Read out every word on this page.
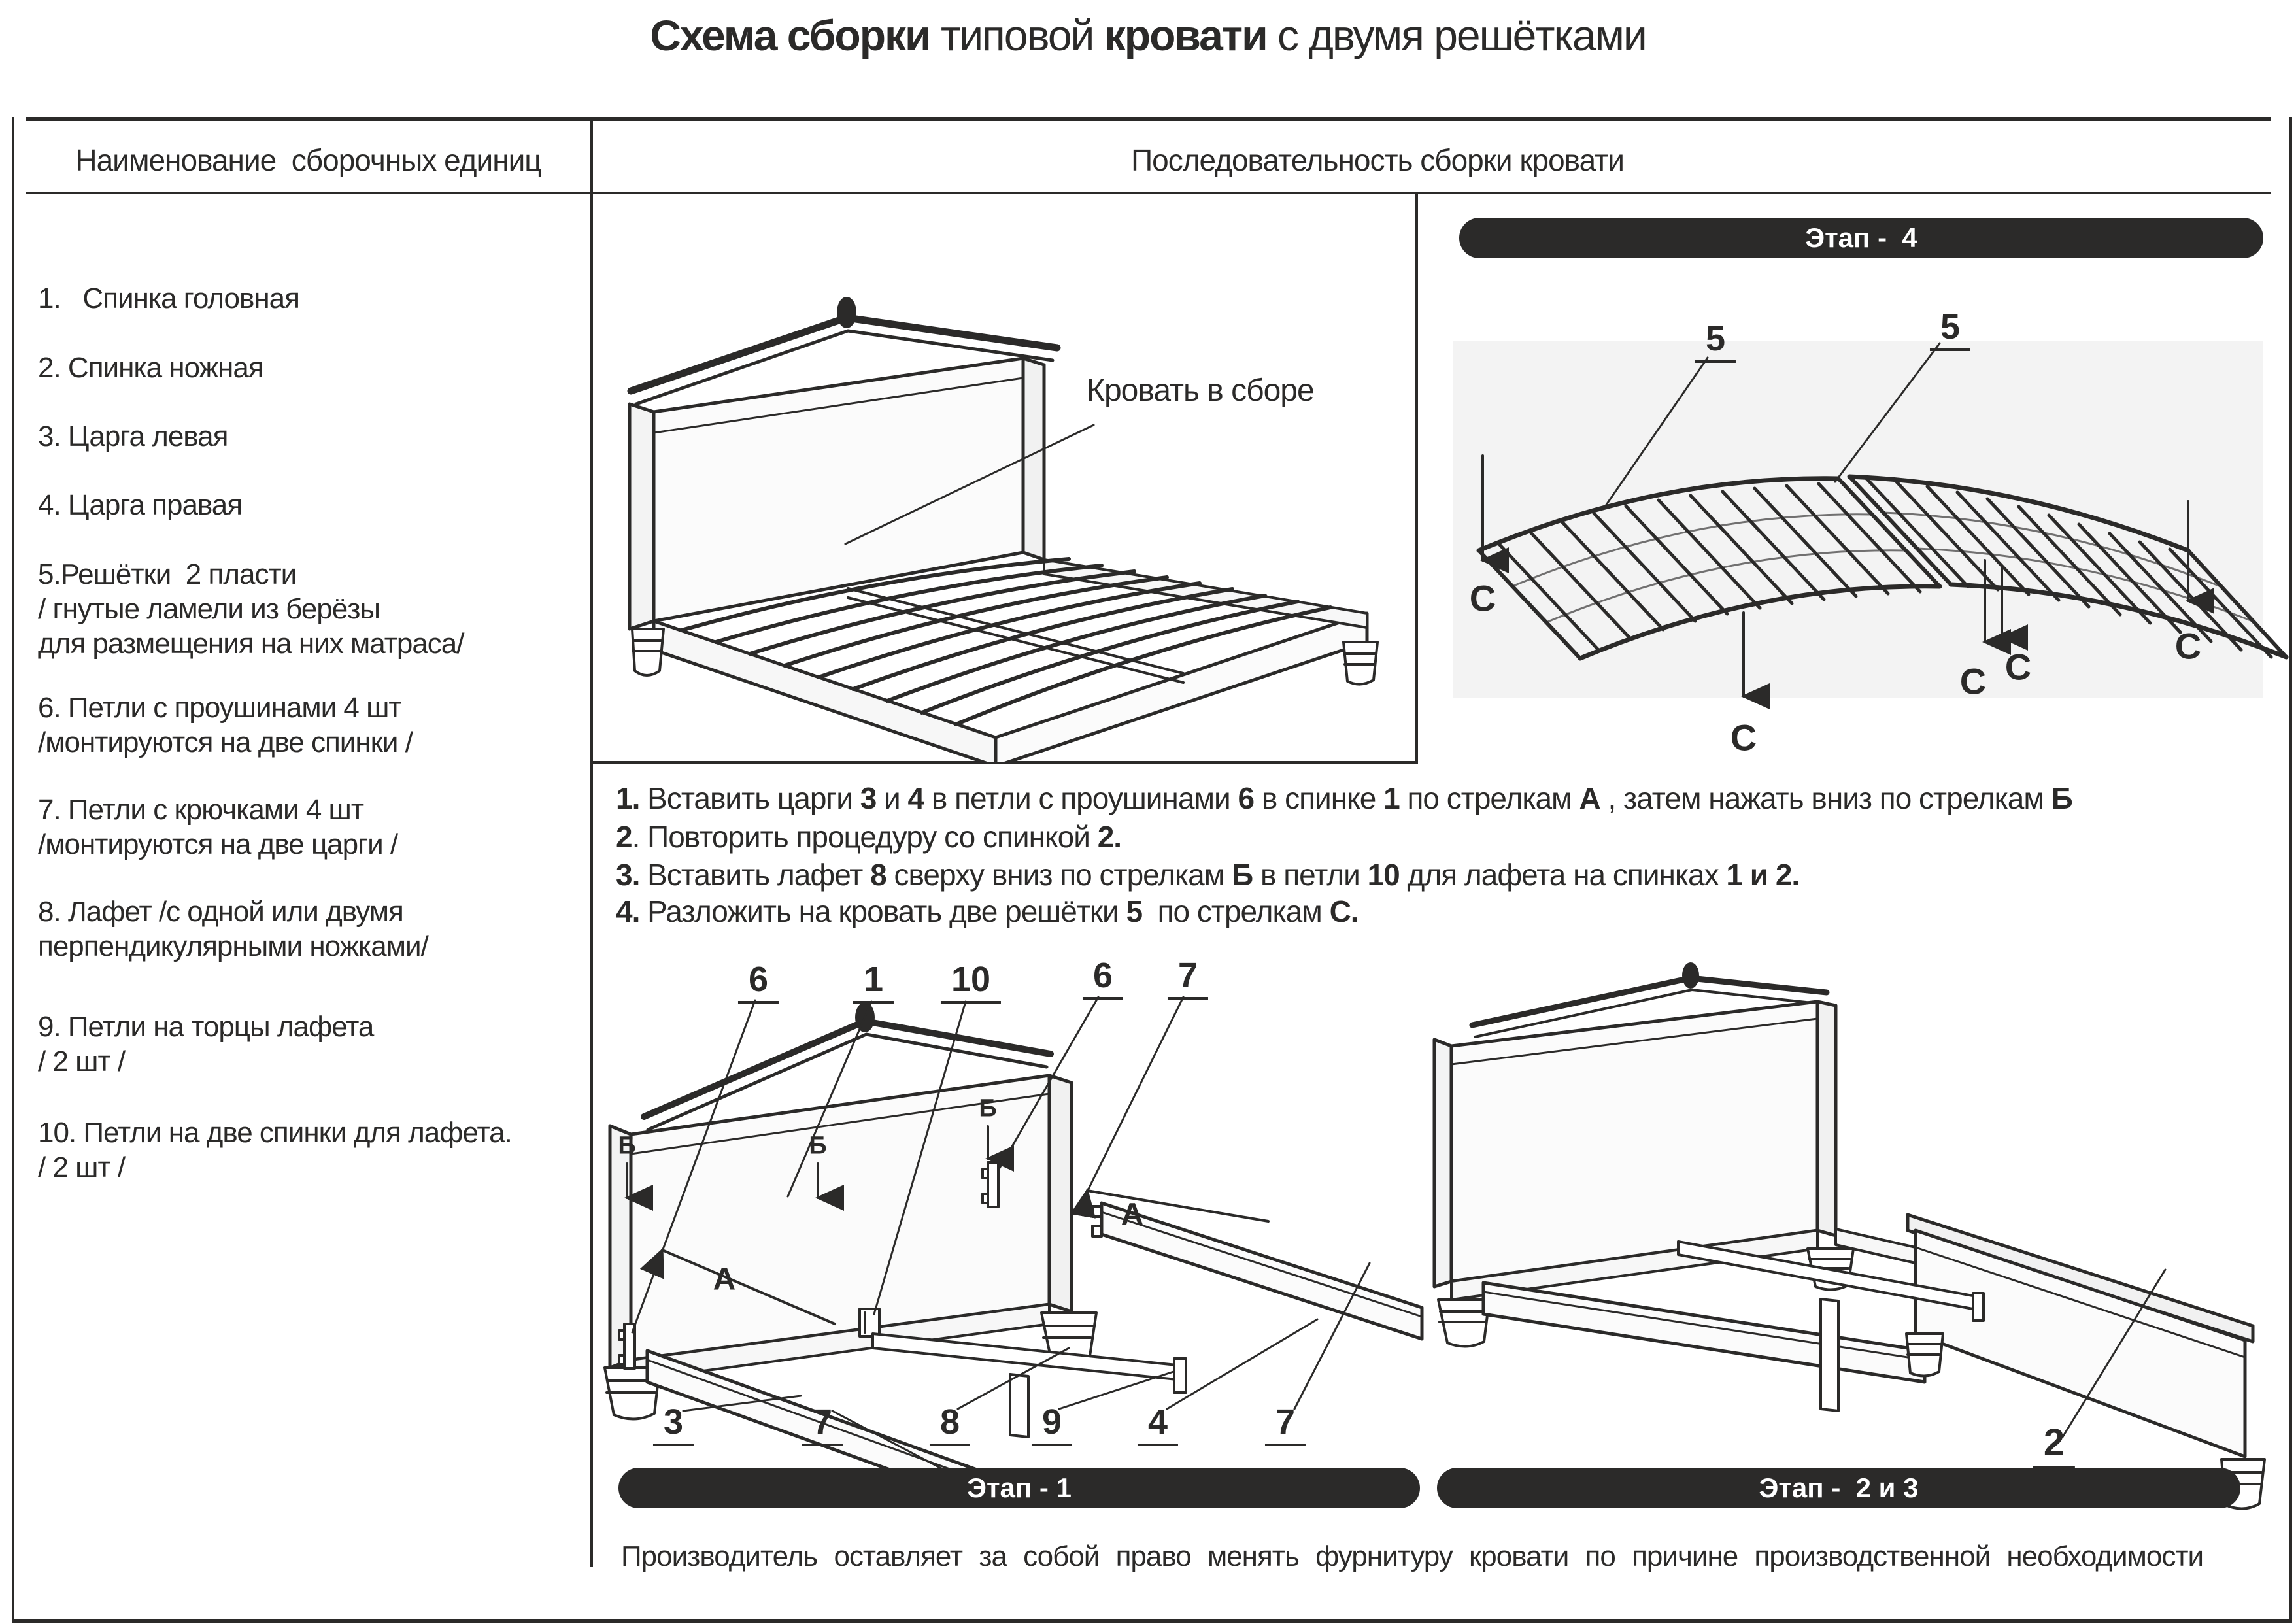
Схема сборки типовой кровати с двумя решётками
Наименование  сборочных единиц	Последовательность сборки кровати
1.   Спинка головная
2. Спинка ножная
3. Царга левая
4. Царга правая
5.Решётки  2 пласти
/ гнутые ламели из берёзы
для размещения на них матраса/
6. Петли с проушинами 4 шт
/монтируются на две спинки /
7. Петли с крючками 4 шт
/монтируются на две царги /
8. Лафет /с одной или двумя
перпендикулярными ножками/
9. Петли на торцы лафета
/ 2 шт /
10. Петли на две спинки для лафета.
/ 2 шт /
Кровать в сборе
Этап -  4
5	5
С
С
С С
С
1. Вставить царги 3 и 4 в петли с проушинами 6 в спинке 1 по стрелкам А , затем нажать вниз по стрелкам Б
2. Повторить процедуру со спинкой 2.
3. Вставить лафет 8 сверху вниз по стрелкам Б в петли 10 для лафета на спинках 1 и 2.
4. Разложить на кровать две решётки 5  по стрелкам С.
Этап - 1
6	1 10	6 7
3	7	8 9 4	7
Б	Б
Б
А
А
Этап -  2 и 3
2
Производитель оставляет за собой право менять фурнитуру кровати по причине производственной необходимости
